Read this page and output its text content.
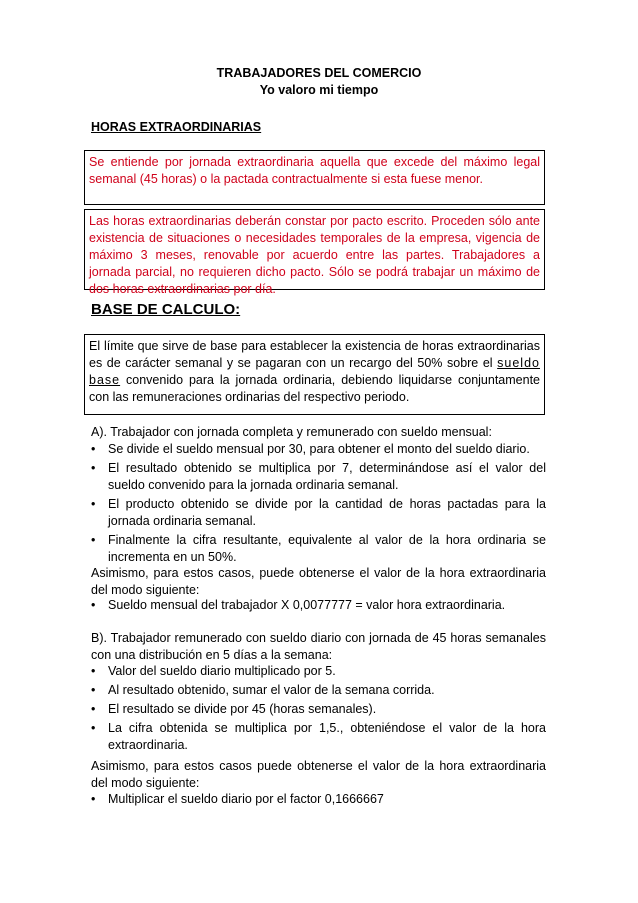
TRABAJADORES DEL COMERCIO
Yo valoro mi tiempo
HORAS EXTRAORDINARIAS
Se entiende por jornada extraordinaria aquella que excede del máximo legal semanal (45 horas) o la pactada contractualmente si esta fuese menor.
Las horas extraordinarias deberán constar por pacto escrito. Proceden sólo ante existencia de situaciones o necesidades temporales de la empresa, vigencia de máximo 3 meses, renovable por acuerdo entre las partes. Trabajadores a jornada parcial, no requieren dicho pacto. Sólo se podrá trabajar un máximo de dos horas extraordinarias por día.
BASE DE CALCULO:
El límite que sirve de base para establecer la existencia de horas extraordinarias es de carácter semanal y se pagaran con un recargo del 50% sobre el sueldo base convenido para la jornada ordinaria, debiendo liquidarse conjuntamente con las remuneraciones ordinarias del respectivo periodo.
A). Trabajador con jornada completa y remunerado con sueldo mensual:
• Se divide el sueldo mensual por 30, para obtener el monto del sueldo diario.
• El resultado obtenido se multiplica por 7, determinándose así el valor del sueldo convenido para la jornada ordinaria semanal.
• El producto obtenido se divide por la cantidad de horas pactadas para la jornada ordinaria semanal.
• Finalmente la cifra resultante, equivalente al valor de la hora ordinaria se incrementa en un 50%.
Asimismo, para estos casos, puede obtenerse el valor de la hora extraordinaria del modo siguiente:
• Sueldo mensual del trabajador X 0,0077777 = valor hora extraordinaria.
B). Trabajador remunerado con sueldo diario con jornada de 45 horas semanales con una distribución en 5 días a la semana:
• Valor del sueldo diario multiplicado por 5.
• Al resultado obtenido, sumar el valor de la semana corrida.
• El resultado se divide por 45 (horas semanales).
• La cifra obtenida se multiplica por 1,5., obteniéndose el valor de la hora extraordinaria.
Asimismo, para estos casos puede obtenerse el valor de la hora extraordinaria del modo siguiente:
• Multiplicar el sueldo diario por el factor 0,1666667
